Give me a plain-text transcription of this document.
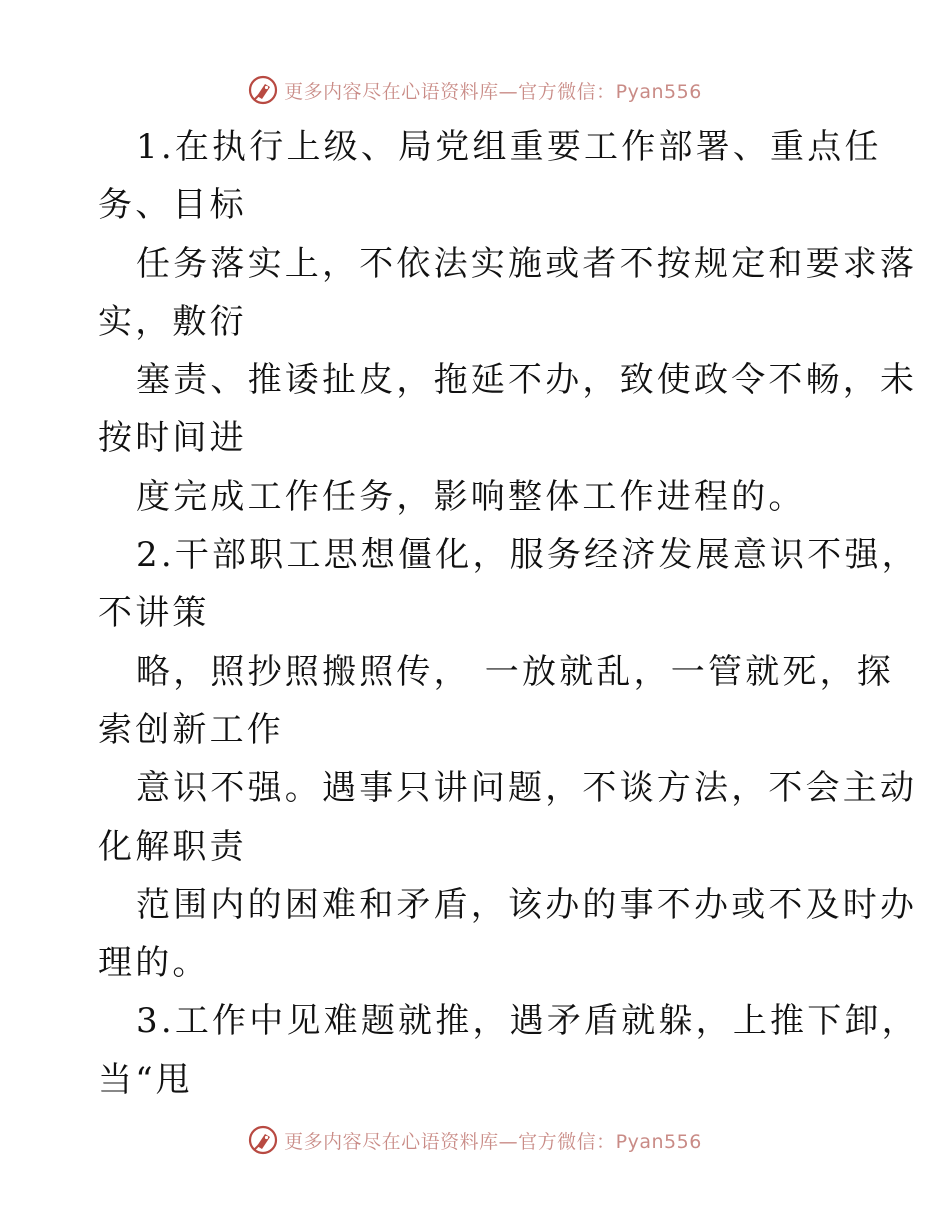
更多内容尽在心语资料库—官方微信：Pyan556
1.在执行上级、局党组重要工作部署、重点任
务、目标
任务落实上，不依法实施或者不按规定和要求落
实，敷衍
塞责、推诿扯皮，拖延不办，致使政令不畅，未
按时间进
度完成工作任务，影响整体工作进程的。
2.干部职工思想僵化，服务经济发展意识不强，
不讲策
略，照抄照搬照传， 一放就乱，一管就死，探
索创新工作
意识不强。遇事只讲问题，不谈方法，不会主动
化解职责
范围内的困难和矛盾，该办的事不办或不及时办
理的。
3.工作中见难题就推，遇矛盾就躲，上推下卸，
当“甩
更多内容尽在心语资料库—官方微信：Pyan556
